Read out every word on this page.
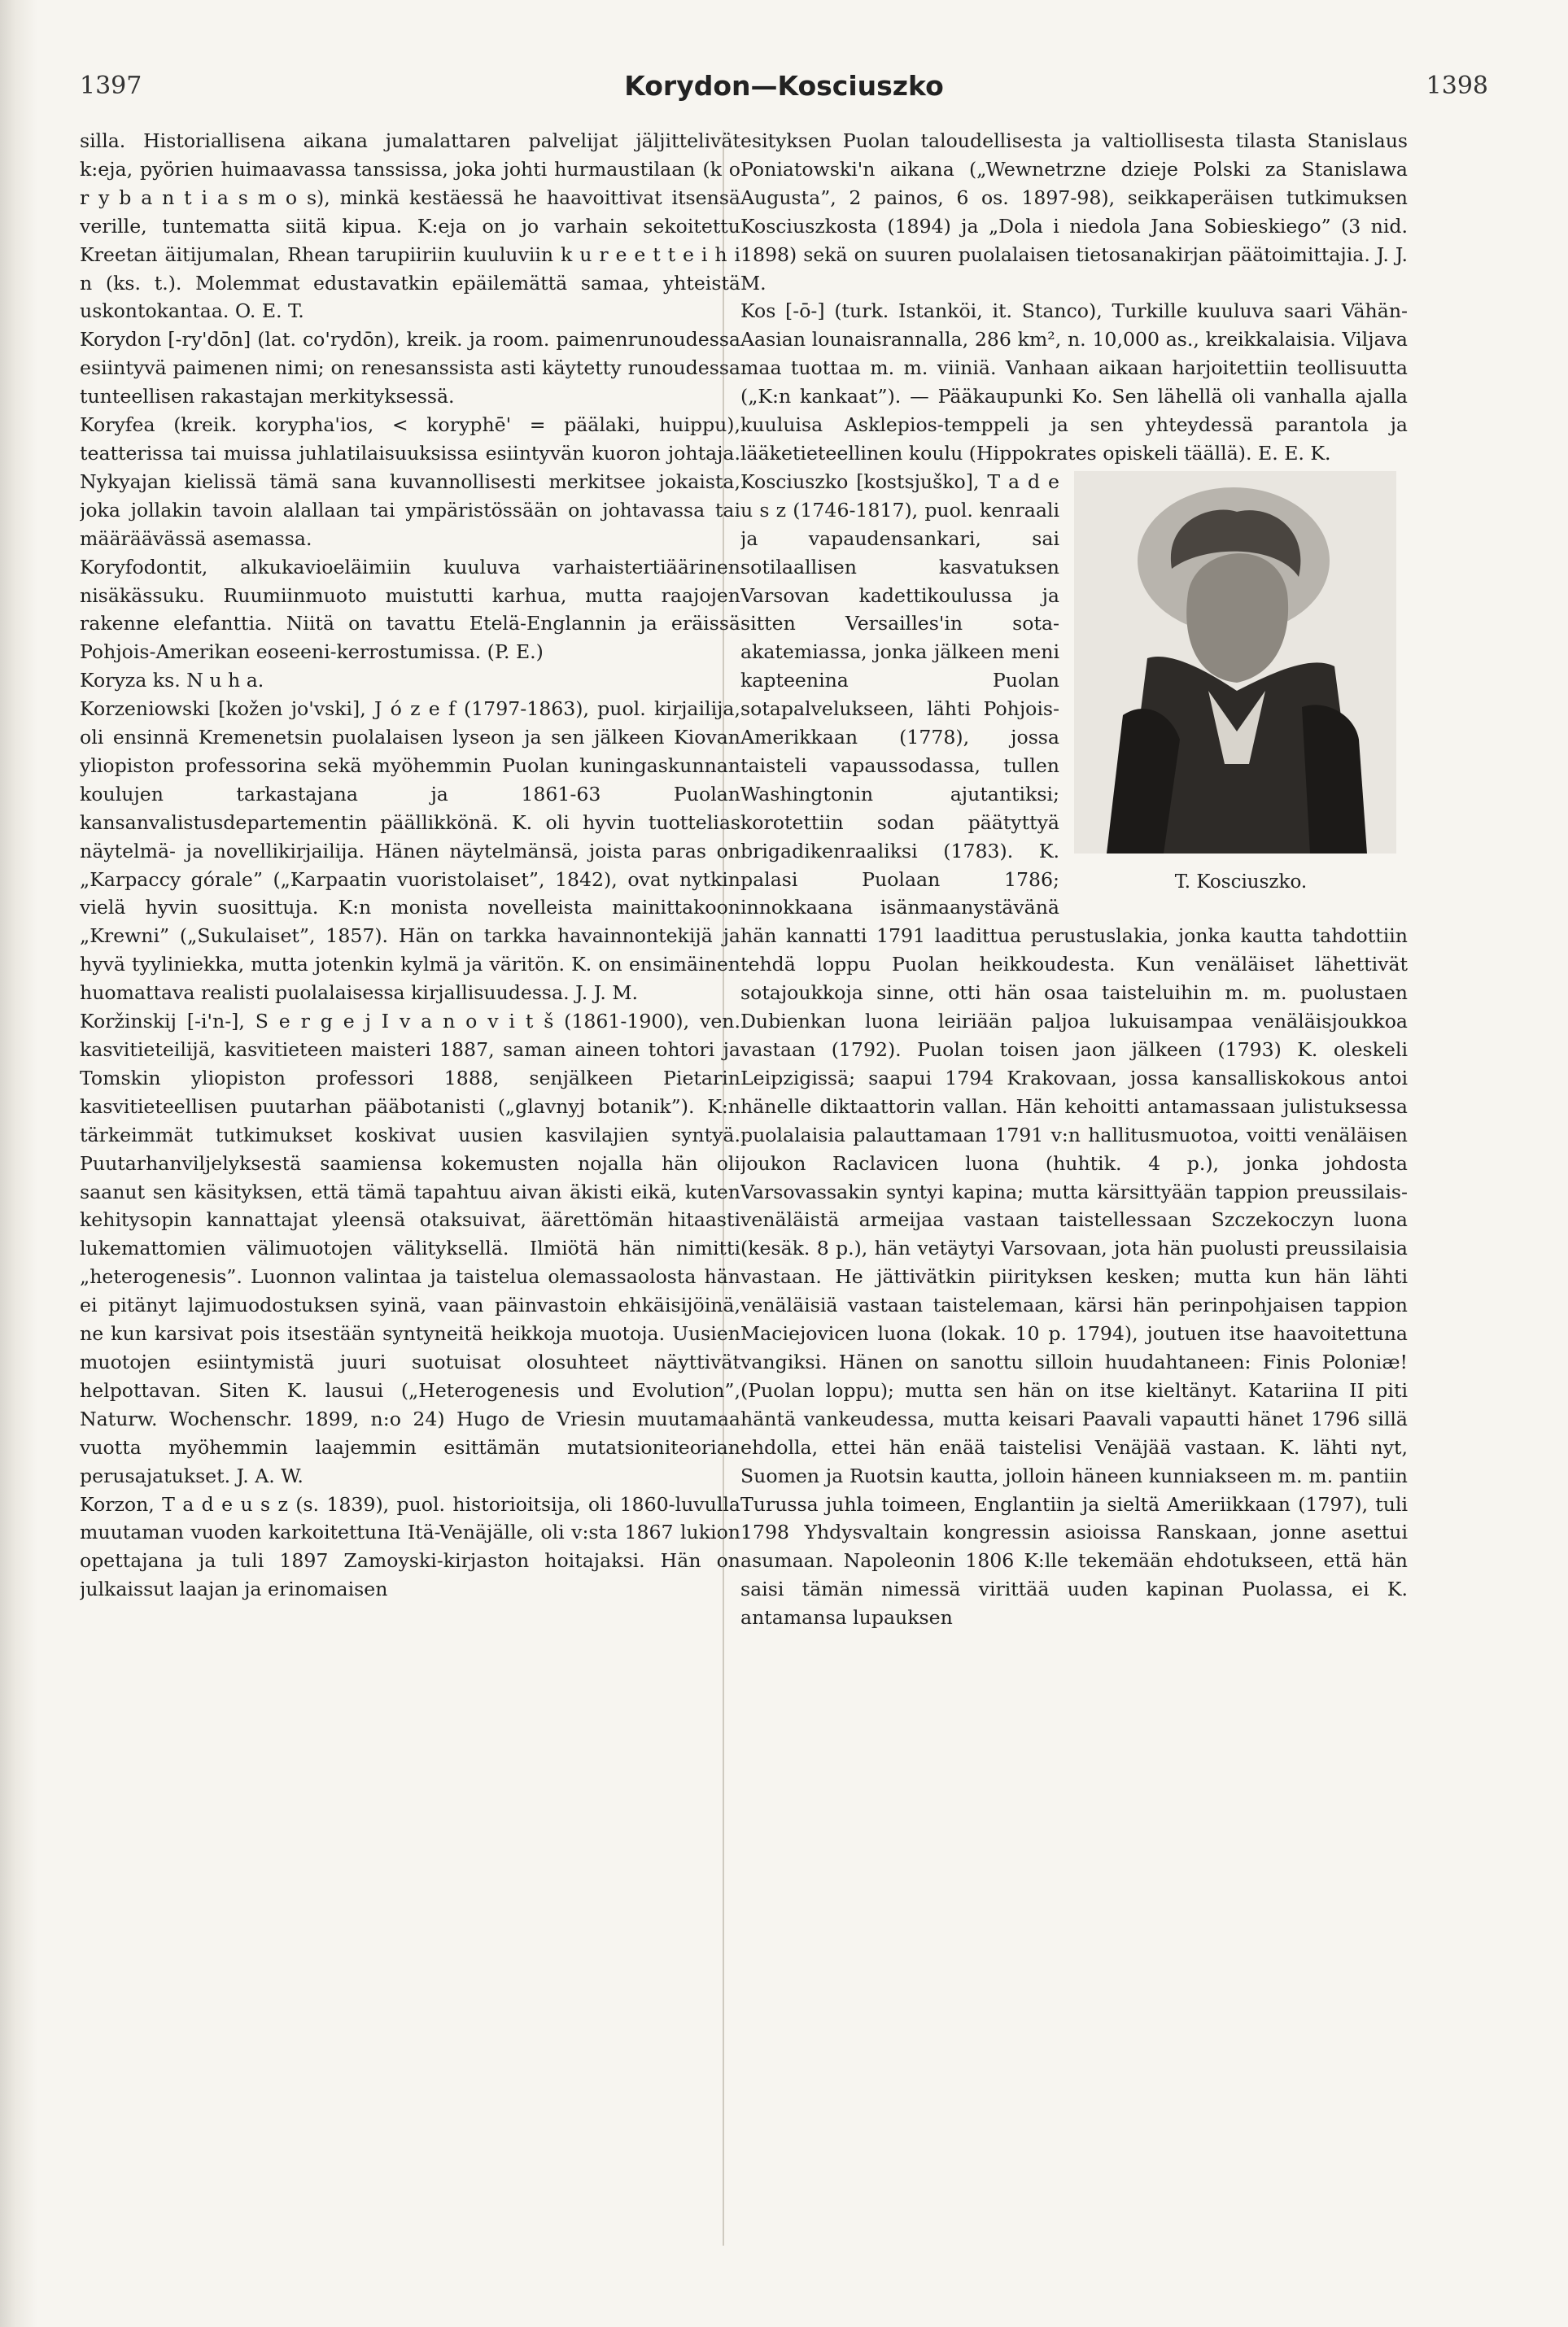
1397	Korydon—Kosciuszko	1398

silla. Historiallisena aikana jumalattaren palvelijat jäljittelivät k:eja, pyörien huimaavassa tanssissa, joka johti hurmaustilaan (k o r y b a n t i a s m o s), minkä kestäessä he haavoittivat itsensä verille, tuntematta siitä kipua. K:eja on jo varhain sekoitettu Kreetan äitijumalan, Rhean tarupiiriin kuuluviin k u r e e t t e i h i n (ks. t.). Molemmat edustavatkin epäilemättä samaa, yhteistä uskontokantaa. O. E. T.

Korydon [-ry'dōn] (lat. co'rydōn), kreik. ja room. paimenrunoudessa esiintyvä paimenen nimi; on renesanssista asti käytetty runoudessa tunteellisen rakastajan merkityksessä.

Koryfea (kreik. korypha'ios, < koryphē' = päälaki, huippu), teatterissa tai muissa juhlatilaisuuksissa esiintyvän kuoron johtaja. Nykyajan kielissä tämä sana kuvannollisesti merkitsee jokaista, joka jollakin tavoin alallaan tai ympäristössään on johtavassa tai määräävässä asemassa.

Koryfodontit, alkukavioeläimiin kuuluva varhaistertiäärinen nisäkässuku. Ruumiinmuoto muistutti karhua, mutta raajojen rakenne elefanttia. Niitä on tavattu Etelä-Englannin ja eräissä Pohjois-Amerikan eoseeni-kerrostumissa. (P. E.)

Koryza ks. N u h a.

Korzeniowski [kožen jo'vski], J ó z e f (1797-1863), puol. kirjailija, oli ensinnä Kremenetsin puolalaisen lyseon ja sen jälkeen Kiovan yliopiston professorina sekä myöhemmin Puolan kuningaskunnan koulujen tarkastajana ja 1861-63 Puolan kansanvalistusdepartementin päällikkönä. K. oli hyvin tuottelias näytelmä- ja novellikirjailija. Hänen näytelmänsä, joista paras on „Karpaccy górale” („Karpaatin vuoristolaiset”, 1842), ovat nytkin vielä hyvin suosittuja. K:n monista novelleista mainittakoon „Krewni” („Sukulaiset”, 1857). Hän on tarkka havainnontekijä ja hyvä tyyliniekka, mutta jotenkin kylmä ja väritön. K. on ensimäinen huomattava realisti puolalaisessa kirjallisuudessa. J. J. M.

Koržinskij [-i'n-], S e r g e j I v a n o v i t š (1861-1900), ven. kasvitieteilijä, kasvitieteen maisteri 1887, saman aineen tohtori ja Tomskin yliopiston professori 1888, senjälkeen Pietarin kasvitieteellisen puutarhan pääbotanisti („glavnyj botanik”). K:n tärkeimmät tutkimukset koskivat uusien kasvilajien syntyä. Puutarhanviljelyksestä saamiensa kokemusten nojalla hän oli saanut sen käsityksen, että tämä tapahtuu aivan äkisti eikä, kuten kehitysopin kannattajat yleensä otaksuivat, äärettömän hitaasti lukemattomien välimuotojen välityksellä. Ilmiötä hän nimitti „heterogenesis”. Luonnon valintaa ja taistelua olemassaolosta hän ei pitänyt lajimuodostuksen syinä, vaan päinvastoin ehkäisijöinä, ne kun karsivat pois itsestään syntyneitä heikkoja muotoja. Uusien muotojen esiintymistä juuri suotuisat olosuhteet näyttivät helpottavan. Siten K. lausui („Heterogenesis und Evolution”, Naturw. Wochenschr. 1899, n:o 24) Hugo de Vriesin muutamaa vuotta myöhemmin laajemmin esittämän mutatsioniteorian perusajatukset. J. A. W.

Korzon, T a d e u s z (s. 1839), puol. historioitsija, oli 1860-luvulla muutaman vuoden karkoitettuna Itä-Venäjälle, oli v:sta 1867 lukion opettajana ja tuli 1897 Zamoyski-kirjaston hoitajaksi. Hän on julkaissut laajan ja erinomaisen

esityksen Puolan taloudellisesta ja valtiollisesta tilasta Stanislaus Poniatowski'n aikana („Wewnetrzne dzieje Polski za Stanislawa Augusta”, 2 painos, 6 os. 1897-98), seikkaperäisen tutkimuksen Kosciuszkosta (1894) ja „Dola i niedola Jana Sobieskiego” (3 nid. 1898) sekä on suuren puolalaisen tietosanakirjan päätoimittajia. J. J. M.

Kos [-ō-] (turk. Istanköi, it. Stanco), Turkille kuuluva saari Vähän-Aasian lounaisrannalla, 286 km², n. 10,000 as., kreikkalaisia. Viljava maa tuottaa m. m. viiniä. Vanhaan aikaan harjoitettiin teollisuutta („K:n kankaat”). — Pääkaupunki Ko. Sen lähellä oli vanhalla ajalla kuuluisa Asklepios-temppeli ja sen yhteydessä parantola ja lääketieteellinen koulu (Hippokrates opiskeli täällä). E. E. K.

T. Kosciuszko.

Kosciuszko [kostsjuško], T a d e u s z (1746-1817), puol. kenraali ja vapaudensankari, sai sotilaallisen kasvatuksen Varsovan kadettikoulussa ja sitten Versailles'in sota-akatemiassa, jonka jälkeen meni kapteenina Puolan sotapalvelukseen, lähti Pohjois-Amerikkaan (1778), jossa taisteli vapaussodassa, tullen Washingtonin ajutantiksi; korotettiin sodan päätyttyä brigadikenraaliksi (1783). K. palasi Puolaan 1786; innokkaana isänmaanystävänä hän kannatti 1791 laadittua perustuslakia, jonka kautta tahdottiin tehdä loppu Puolan heikkoudesta. Kun venäläiset lähettivät sotajoukkoja sinne, otti hän osaa taisteluihin m. m. puolustaen Dubienkan luona leiriään paljoa lukuisampaa venäläisjoukkoa vastaan (1792). Puolan toisen jaon jälkeen (1793) K. oleskeli Leipzigissä; saapui 1794 Krakovaan, jossa kansalliskokous antoi hänelle diktaattorin vallan. Hän kehoitti antamassaan julistuksessa puolalaisia palauttamaan 1791 v:n hallitusmuotoa, voitti venäläisen joukon Raclavicen luona (huhtik. 4 p.), jonka johdosta Varsovassakin syntyi kapina; mutta kärsittyään tappion preussilais-venäläistä armeijaa vastaan taistellessaan Szczekoczyn luona (kesäk. 8 p.), hän vetäytyi Varsovaan, jota hän puolusti preussilaisia vastaan. He jättivätkin piirityksen kesken; mutta kun hän lähti venäläisiä vastaan taistelemaan, kärsi hän perinpohjaisen tappion Maciejovicen luona (lokak. 10 p. 1794), joutuen itse haavoitettuna vangiksi. Hänen on sanottu silloin huudahtaneen: Finis Poloniæ! (Puolan loppu); mutta sen hän on itse kieltänyt. Katariina II piti häntä vankeudessa, mutta keisari Paavali vapautti hänet 1796 sillä ehdolla, ettei hän enää taistelisi Venäjää vastaan. K. lähti nyt, Suomen ja Ruotsin kautta, jolloin häneen kunniakseen m. m. pantiin Turussa juhla toimeen, Englantiin ja sieltä Ameriikkaan (1797), tuli 1798 Yhdysvaltain kongressin asioissa Ranskaan, jonne asettui asumaan. Napoleonin 1806 K:lle tekemään ehdotukseen, että hän saisi tämän nimessä virittää uuden kapinan Puolassa, ei K. antamansa lupauksen
